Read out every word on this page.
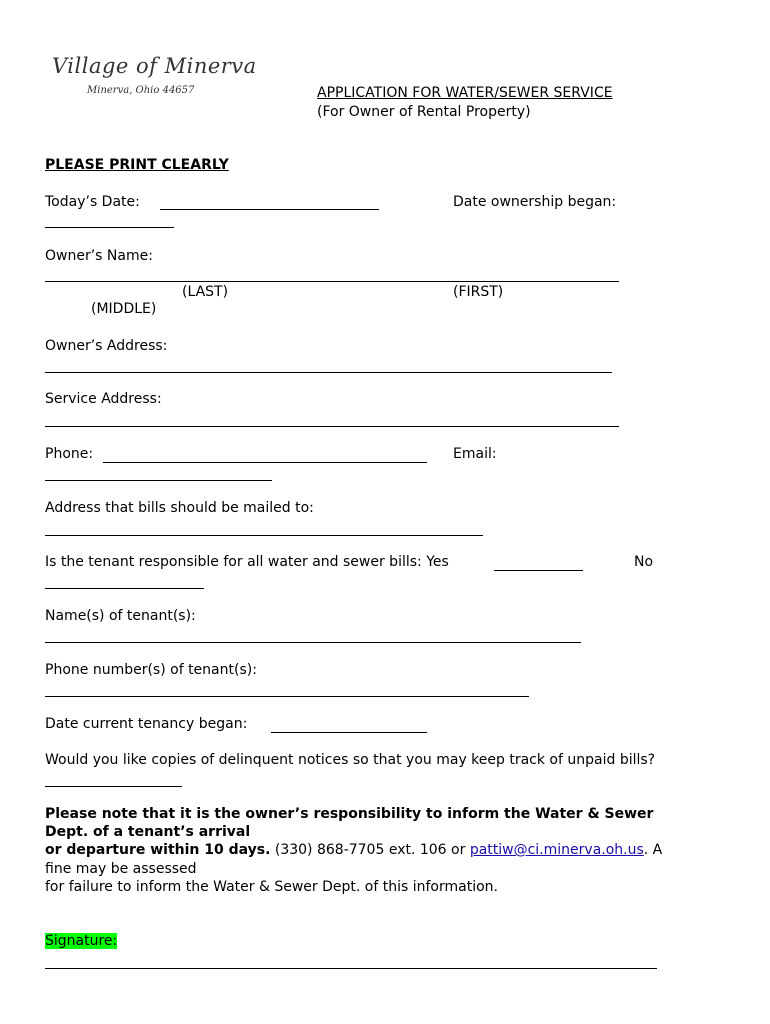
Village of Minerva
Minerva, Ohio 44657	APPLICATION FOR WATER/SEWER SERVICE
(For Owner of Rental Property)
PLEASE PRINT CLEARLY
Today’s Date:	Date ownership began:
Owner’s Name:
(LAST)	(FIRST)
(MIDDLE)
Owner’s Address:
Service Address:
Phone:	Email:
Address that bills should be mailed to:
Is the tenant responsible for all water and sewer bills: Yes	No
Name(s) of tenant(s):
Phone number(s) of tenant(s):
Date current tenancy began:
Would you like copies of delinquent notices so that you may keep track of unpaid bills?
Please note that it is the owner’s responsibility to inform the Water & Sewer
Dept. of a tenant’s arrival
or departure within 10 days. (330) 868-7705 ext. 106 or pattiw@ci.minerva.oh.us. A
fine may be assessed
for failure to inform the Water & Sewer Dept. of this information.
Signature:
